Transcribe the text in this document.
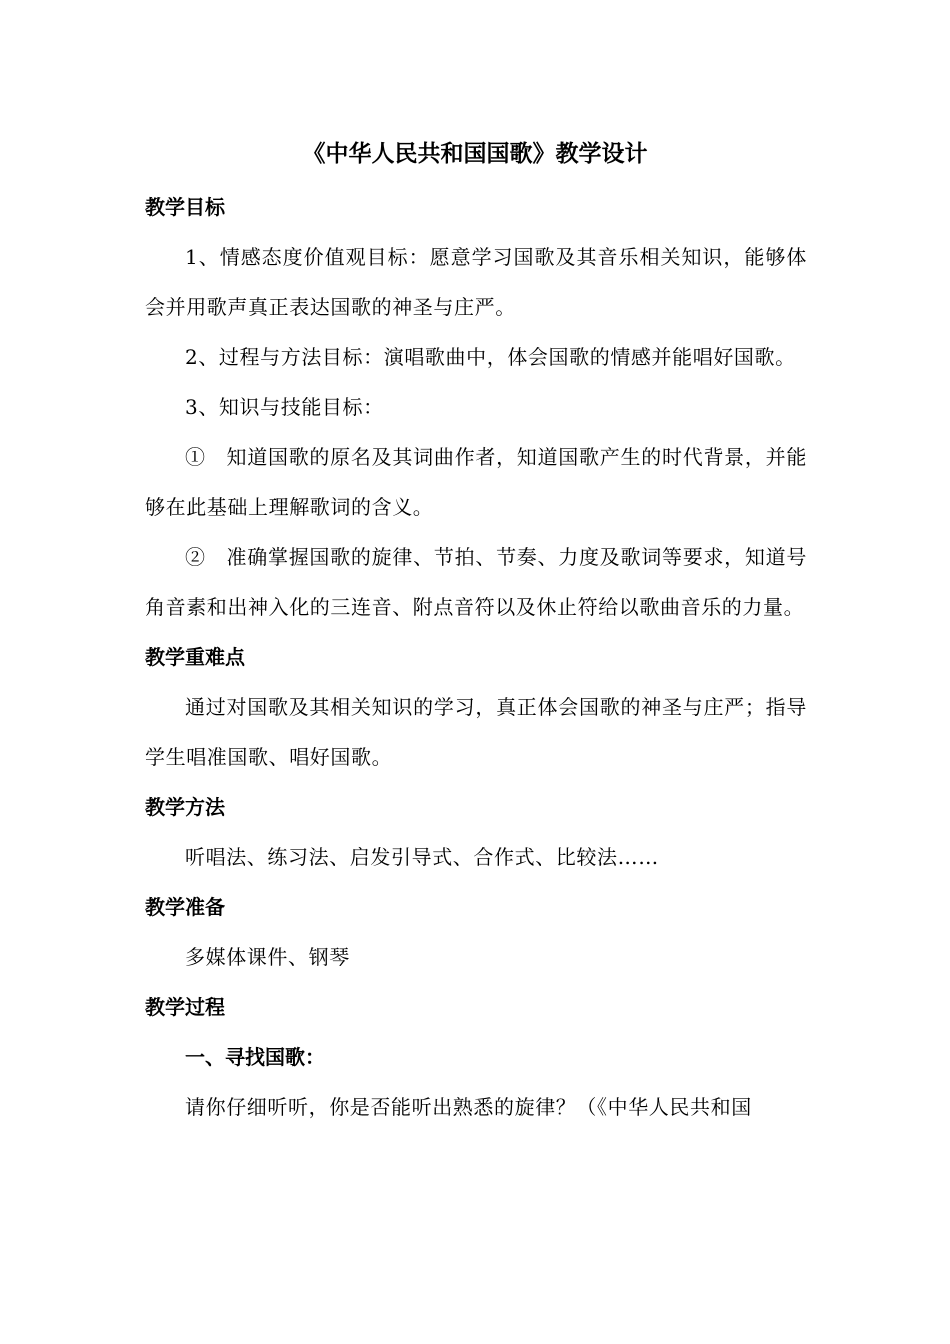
《中华人民共和国国歌》教学设计
教学目标

1、情感态度价值观目标：愿意学习国歌及其音乐相关知识，能够体会并用歌声真正表达国歌的神圣与庄严。

2、过程与方法目标：演唱歌曲中，体会国歌的情感并能唱好国歌。

3、知识与技能目标：

①　知道国歌的原名及其词曲作者，知道国歌产生的时代背景，并能够在此基础上理解歌词的含义。

②　准确掌握国歌的旋律、节拍、节奏、力度及歌词等要求，知道号角音素和出神入化的三连音、附点音符以及休止符给以歌曲音乐的力量。

教学重难点

通过对国歌及其相关知识的学习，真正体会国歌的神圣与庄严；指导学生唱准国歌、唱好国歌。

教学方法

听唱法、练习法、启发引导式、合作式、比较法……

教学准备

多媒体课件、钢琴

教学过程

一、寻找国歌：

请你仔细听听，你是否能听出熟悉的旋律？（《中华人民共和国
